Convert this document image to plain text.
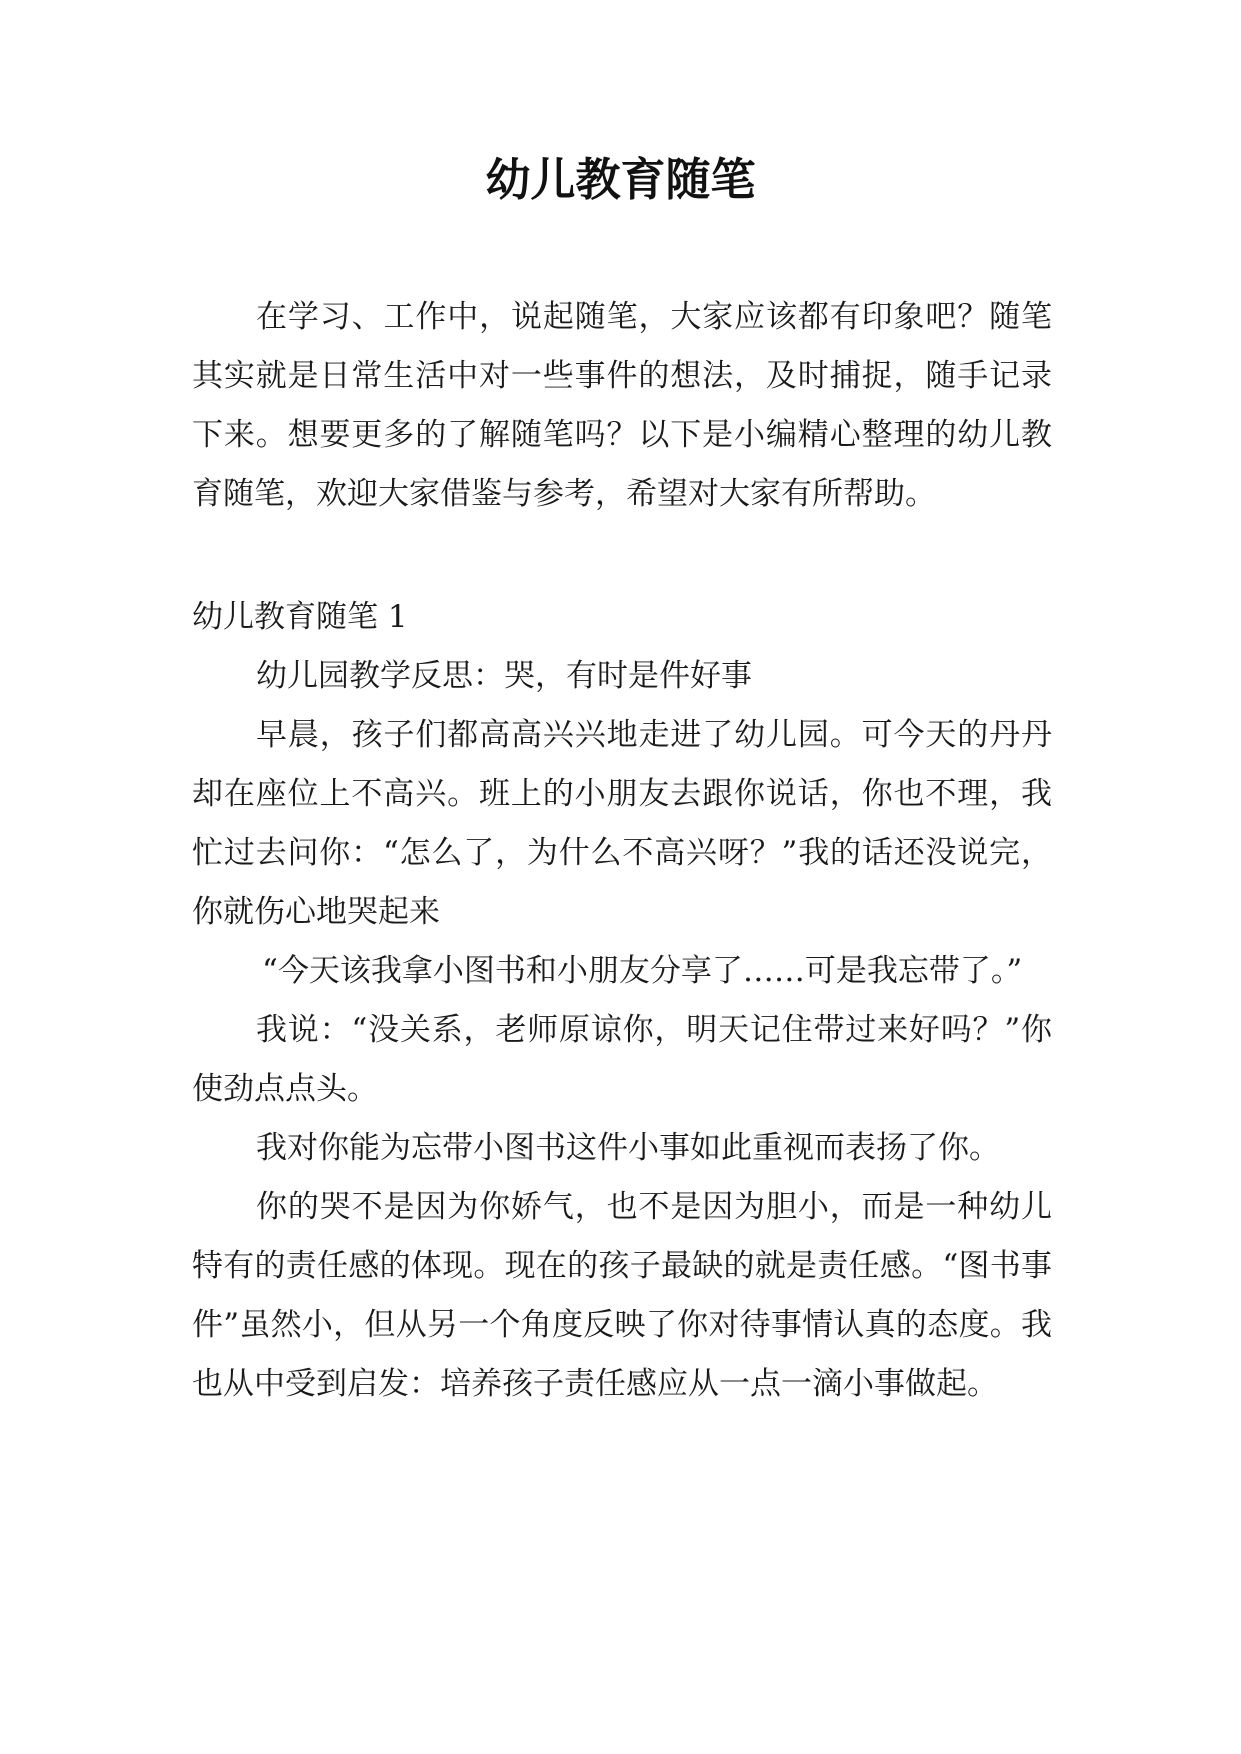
幼儿教育随笔

在学习、工作中，说起随笔，大家应该都有印象吧？随笔其实就是日常生活中对一些事件的想法，及时捕捉，随手记录下来。想要更多的了解随笔吗？以下是小编精心整理的幼儿教育随笔，欢迎大家借鉴与参考，希望对大家有所帮助。

幼儿教育随笔 1

幼儿园教学反思：哭，有时是件好事

早晨，孩子们都高高兴兴地走进了幼儿园。可今天的丹丹却在座位上不高兴。班上的小朋友去跟你说话，你也不理，我忙过去问你：“怎么了，为什么不高兴呀？”我的话还没说完，你就伤心地哭起来

“今天该我拿小图书和小朋友分享了……可是我忘带了。”

我说：“没关系，老师原谅你，明天记住带过来好吗？”你使劲点点头。

我对你能为忘带小图书这件小事如此重视而表扬了你。

你的哭不是因为你娇气，也不是因为胆小，而是一种幼儿特有的责任感的体现。现在的孩子最缺的就是责任感。“图书事件”虽然小，但从另一个角度反映了你对待事情认真的态度。我也从中受到启发：培养孩子责任感应从一点一滴小事做起。
